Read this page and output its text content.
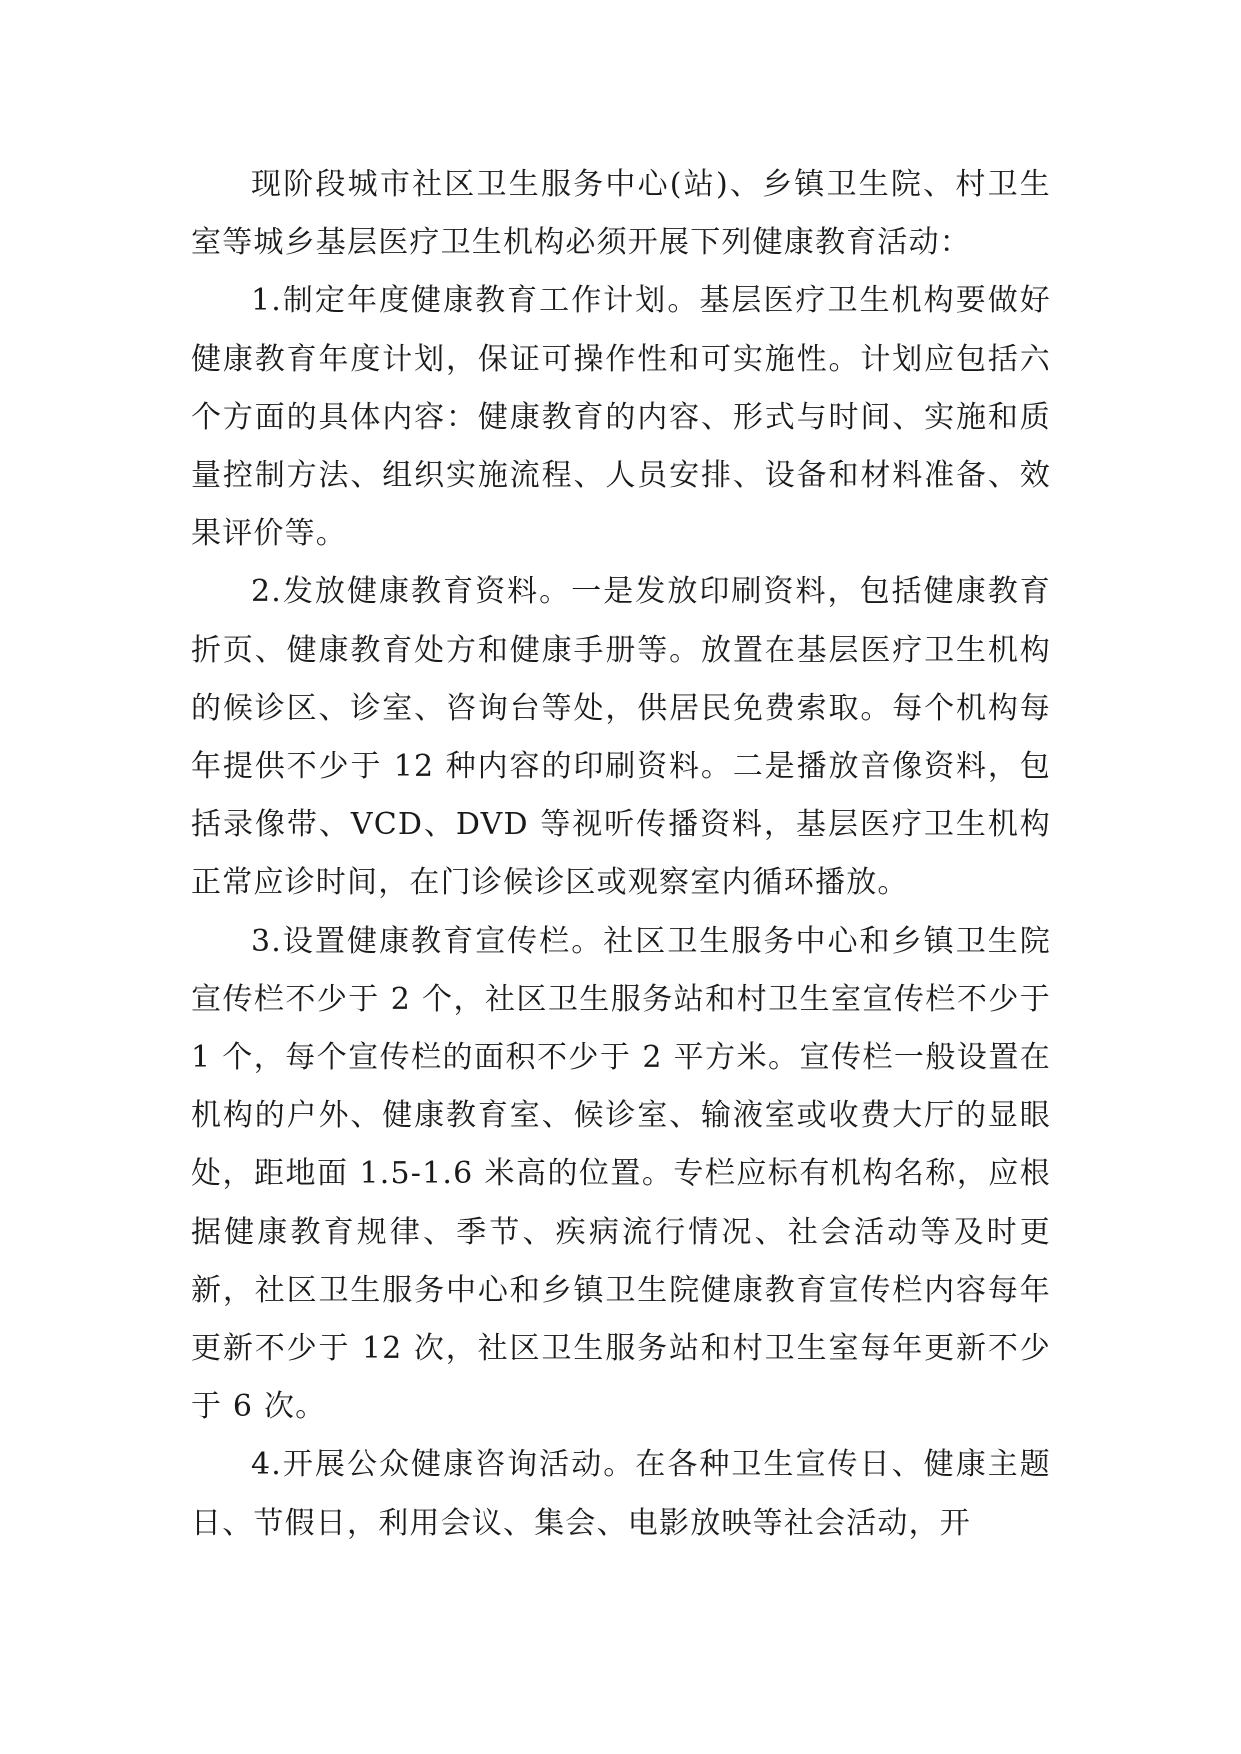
现阶段城市社区卫生服务中心(站)、乡镇卫生院、村卫生室等城乡基层医疗卫生机构必须开展下列健康教育活动：

1.制定年度健康教育工作计划。基层医疗卫生机构要做好健康教育年度计划，保证可操作性和可实施性。计划应包括六个方面的具体内容：健康教育的内容、形式与时间、实施和质量控制方法、组织实施流程、人员安排、设备和材料准备、效果评价等。

2.发放健康教育资料。一是发放印刷资料，包括健康教育折页、健康教育处方和健康手册等。放置在基层医疗卫生机构的候诊区、诊室、咨询台等处，供居民免费索取。每个机构每年提供不少于 12 种内容的印刷资料。二是播放音像资料，包括录像带、VCD、DVD 等视听传播资料，基层医疗卫生机构正常应诊时间，在门诊候诊区或观察室内循环播放。

3.设置健康教育宣传栏。社区卫生服务中心和乡镇卫生院宣传栏不少于 2 个，社区卫生服务站和村卫生室宣传栏不少于 1 个，每个宣传栏的面积不少于 2 平方米。宣传栏一般设置在机构的户外、健康教育室、候诊室、输液室或收费大厅的显眼处，距地面 1.5-1.6 米高的位置。专栏应标有机构名称，应根据健康教育规律、季节、疾病流行情况、社会活动等及时更新，社区卫生服务中心和乡镇卫生院健康教育宣传栏内容每年更新不少于 12 次，社区卫生服务站和村卫生室每年更新不少于 6 次。

4.开展公众健康咨询活动。在各种卫生宣传日、健康主题日、节假日，利用会议、集会、电影放映等社会活动，开
